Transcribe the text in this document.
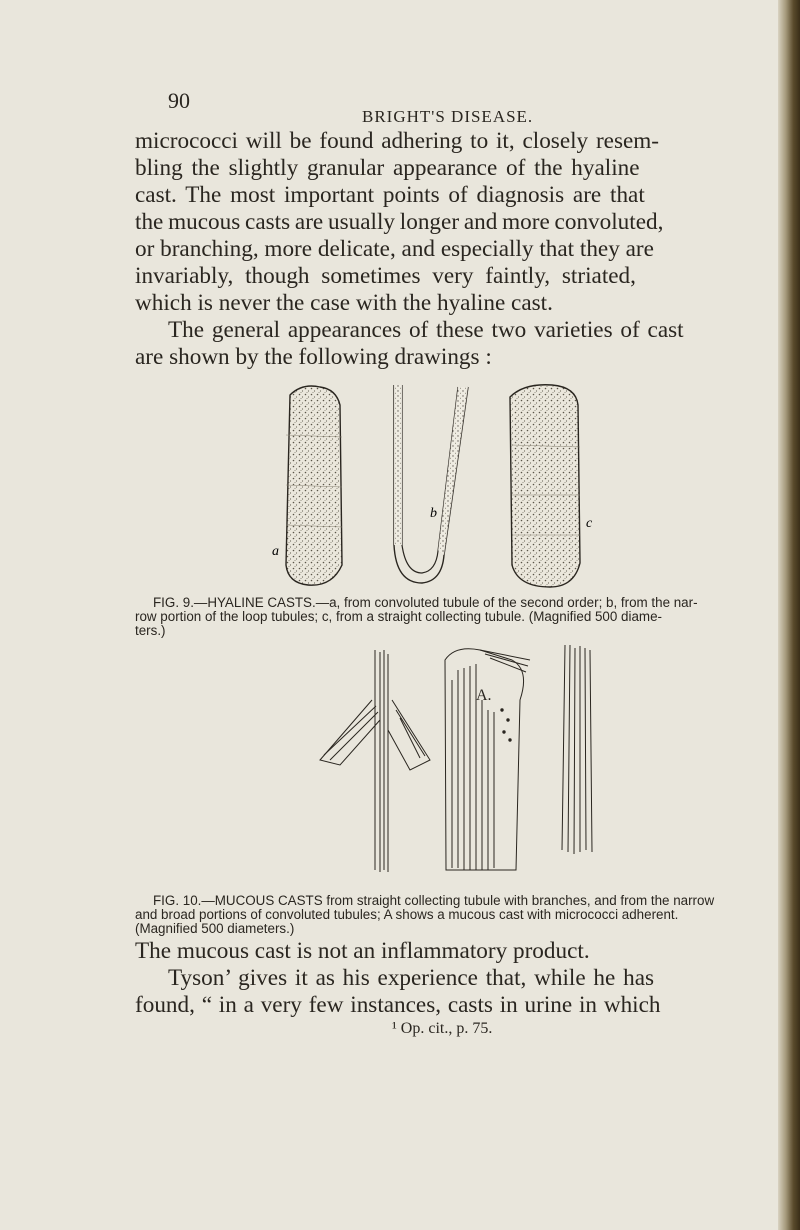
90
BRIGHT'S DISEASE.
micrococci will be found adhering to it, closely resem-
bling the slightly granular appearance of the hyaline
cast. The most important points of diagnosis are that
the mucous casts are usually longer and more convoluted,
or branching, more delicate, and especially that they are
invariably, though sometimes very faintly, striated,
which is never the case with the hyaline cast.
The general appearances of these two varieties of cast
are shown by the following drawings :
a
b
c
FIG. 9.—HYALINE CASTS.—a, from convoluted tubule of the second order; b, from the nar-
row portion of the loop tubules; c, from a straight collecting tubule. (Magnified 500 diame-
ters.)
A.
FIG. 10.—MUCOUS CASTS from straight collecting tubule with branches, and from the narrow
and broad portions of convoluted tubules; A shows a mucous cast with micrococci adherent.
(Magnified 500 diameters.)
The mucous cast is not an inflammatory product.
Tyson’ gives it as his experience that, while he has
found, “ in a very few instances, casts in urine in which
¹ Op. cit., p. 75.
